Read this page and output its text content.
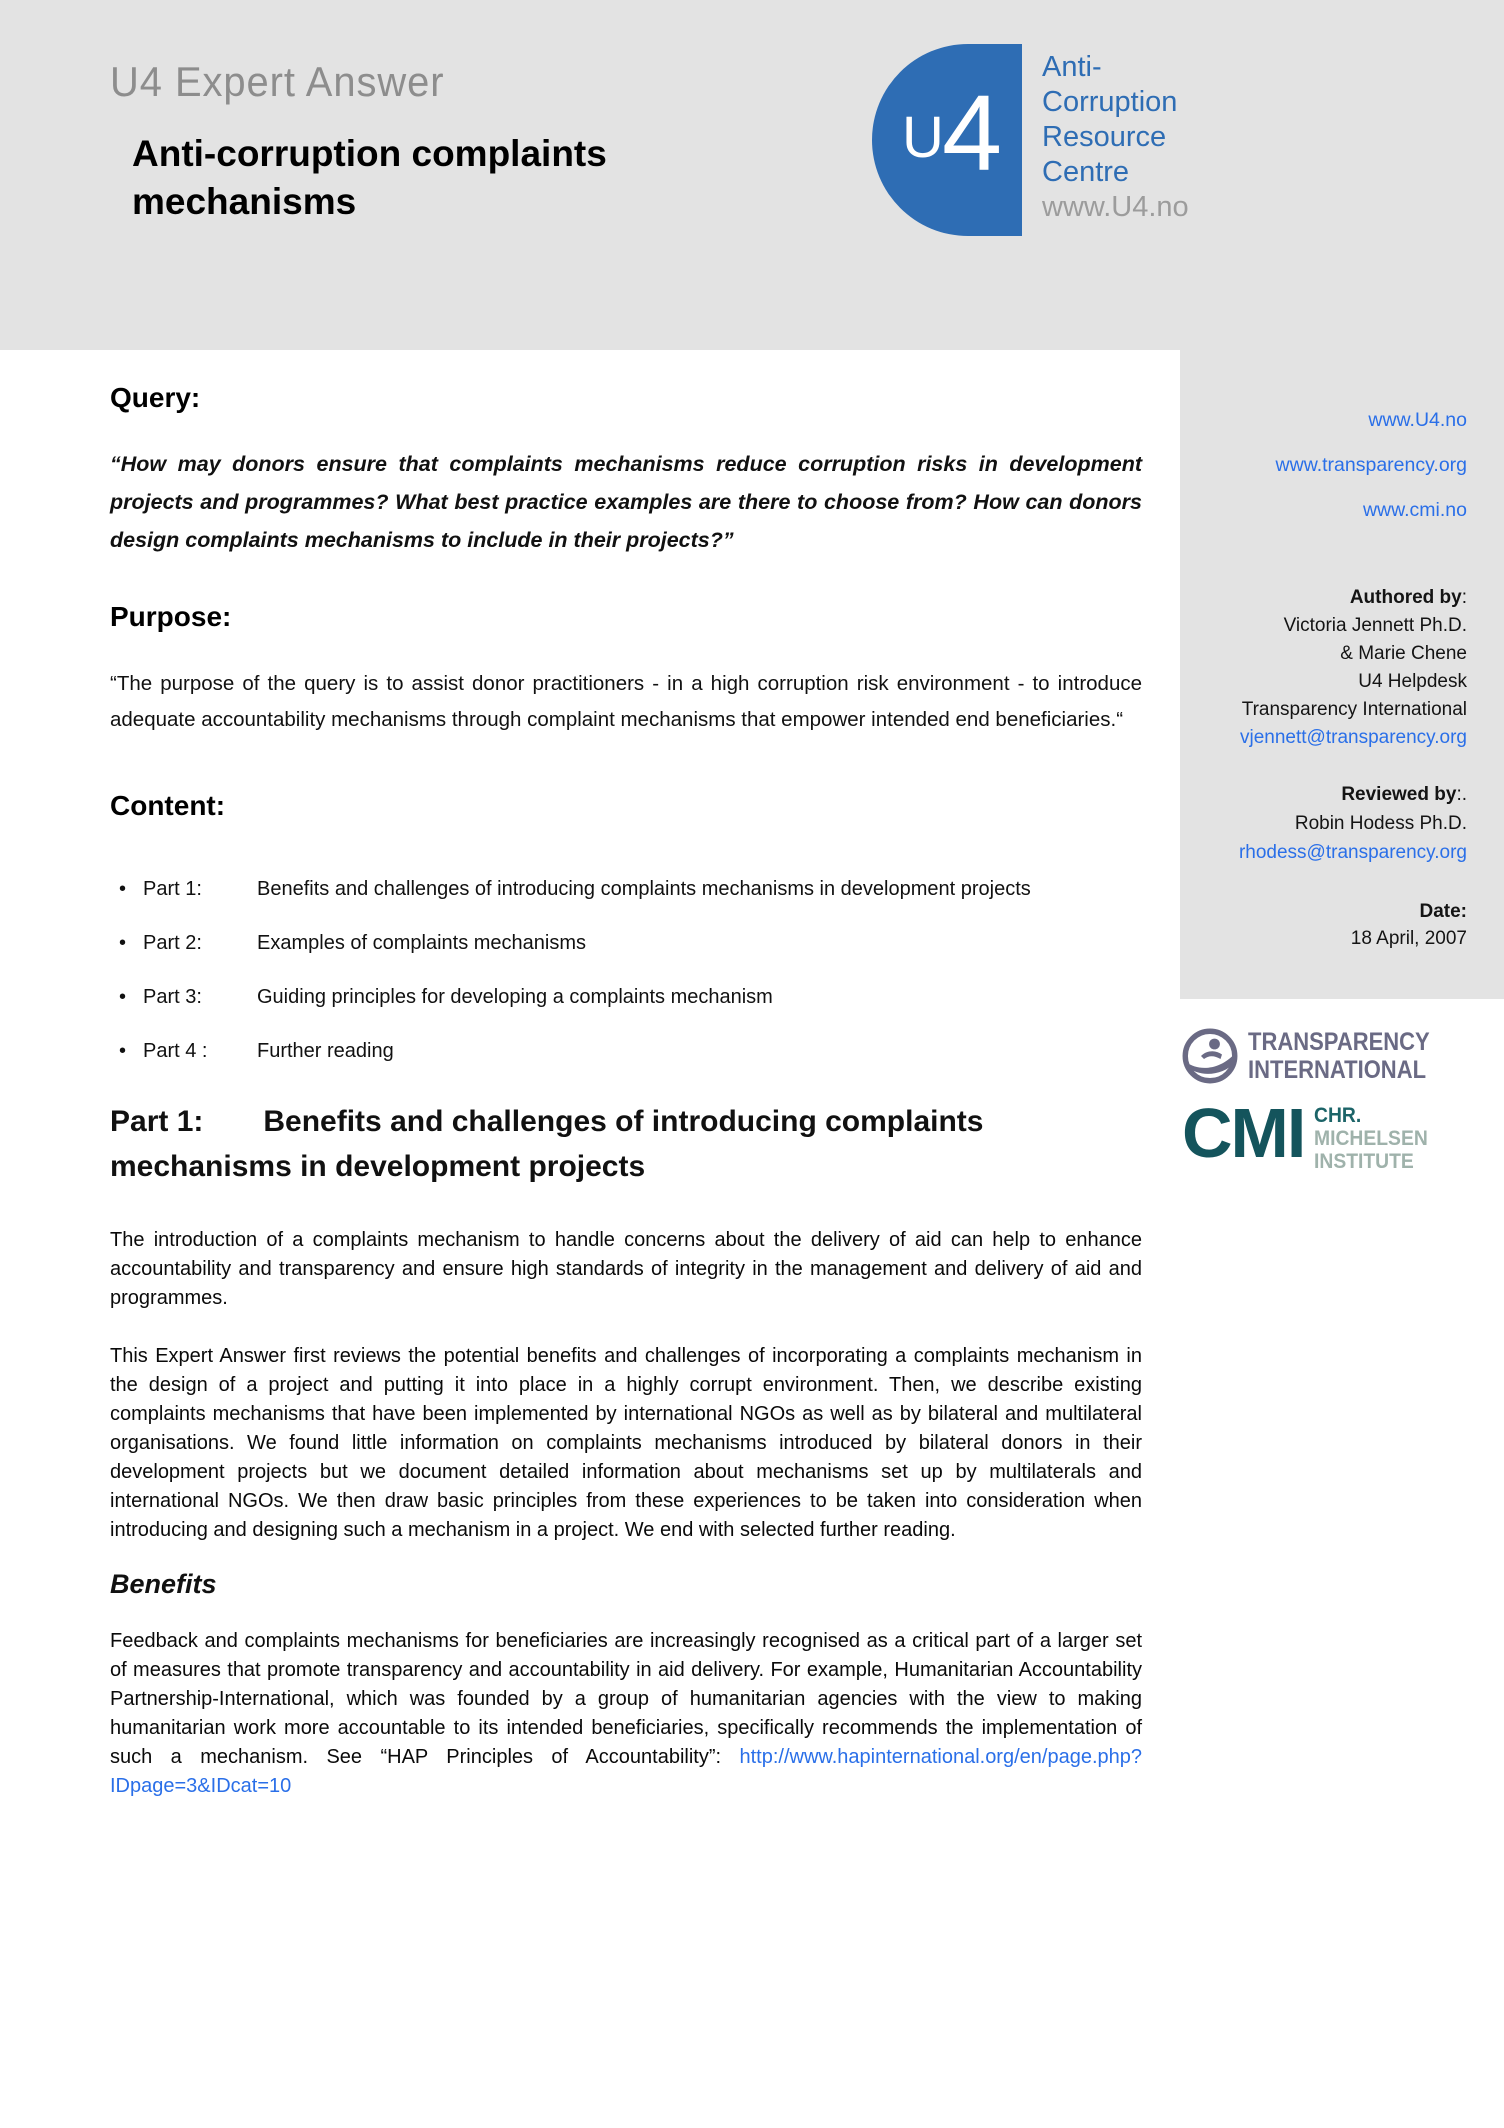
U4 Expert Answer
Anti-corruption complaints mechanisms
U
4
Anti-
Corruption
Resource
Centre
www.U4.no
www.U4.no
www.transparency.org
www.cmi.no
Authored by:
Victoria Jennett Ph.D.
& Marie Chene
U4 Helpdesk
Transparency International
vjennett@transparency.org
Reviewed by:.
Robin Hodess Ph.D.
rhodess@transparency.org
Date:
18 April, 2007
TRANSPARENCY
INTERNATIONAL
CMI CHR.
MICHELSEN
INSTITUTE
Query:

“How may donors ensure that complaints mechanisms reduce corruption risks in development projects and programmes? What best practice examples are there to choose from? How can donors design complaints mechanisms to include in their projects?”

Purpose:

“The purpose of the query is to assist donor practitioners - in a high corruption risk environment - to introduce adequate accountability mechanisms through complaint mechanisms that empower intended end beneficiaries.“

Content:
• Part 1:	Benefits and challenges of introducing complaints mechanisms in development projects
• Part 2:	Examples of complaints mechanisms
• Part 3:	Guiding principles for developing a complaints mechanism
• Part 4 :	Further reading
Part 1: Benefits and challenges of introducing complaints mechanisms in development projects

The introduction of a complaints mechanism to handle concerns about the delivery of aid can help to enhance accountability and transparency and ensure high standards of integrity in the management and delivery of aid and programmes.

This Expert Answer first reviews the potential benefits and challenges of incorporating a complaints mechanism in the design of a project and putting it into place in a highly corrupt environment. Then, we describe existing complaints mechanisms that have been implemented by international NGOs as well as by bilateral and multilateral organisations. We found little information on complaints mechanisms introduced by bilateral donors in their development projects but we document detailed information about mechanisms set up by multilaterals and international NGOs. We then draw basic principles from these experiences to be taken into consideration when introducing and designing such a mechanism in a project. We end with selected further reading.

Benefits

Feedback and complaints mechanisms for beneficiaries are increasingly recognised as a critical part of a larger set of measures that promote transparency and accountability in aid delivery. For example, Humanitarian Accountability Partnership-International, which was founded by a group of humanitarian agencies with the view to making humanitarian work more accountable to its intended beneficiaries, specifically recommends the implementation of such a mechanism. See “HAP Principles of Accountability”: http://www.hapinternational.org/en/page.php?IDpage=3&IDcat=10
